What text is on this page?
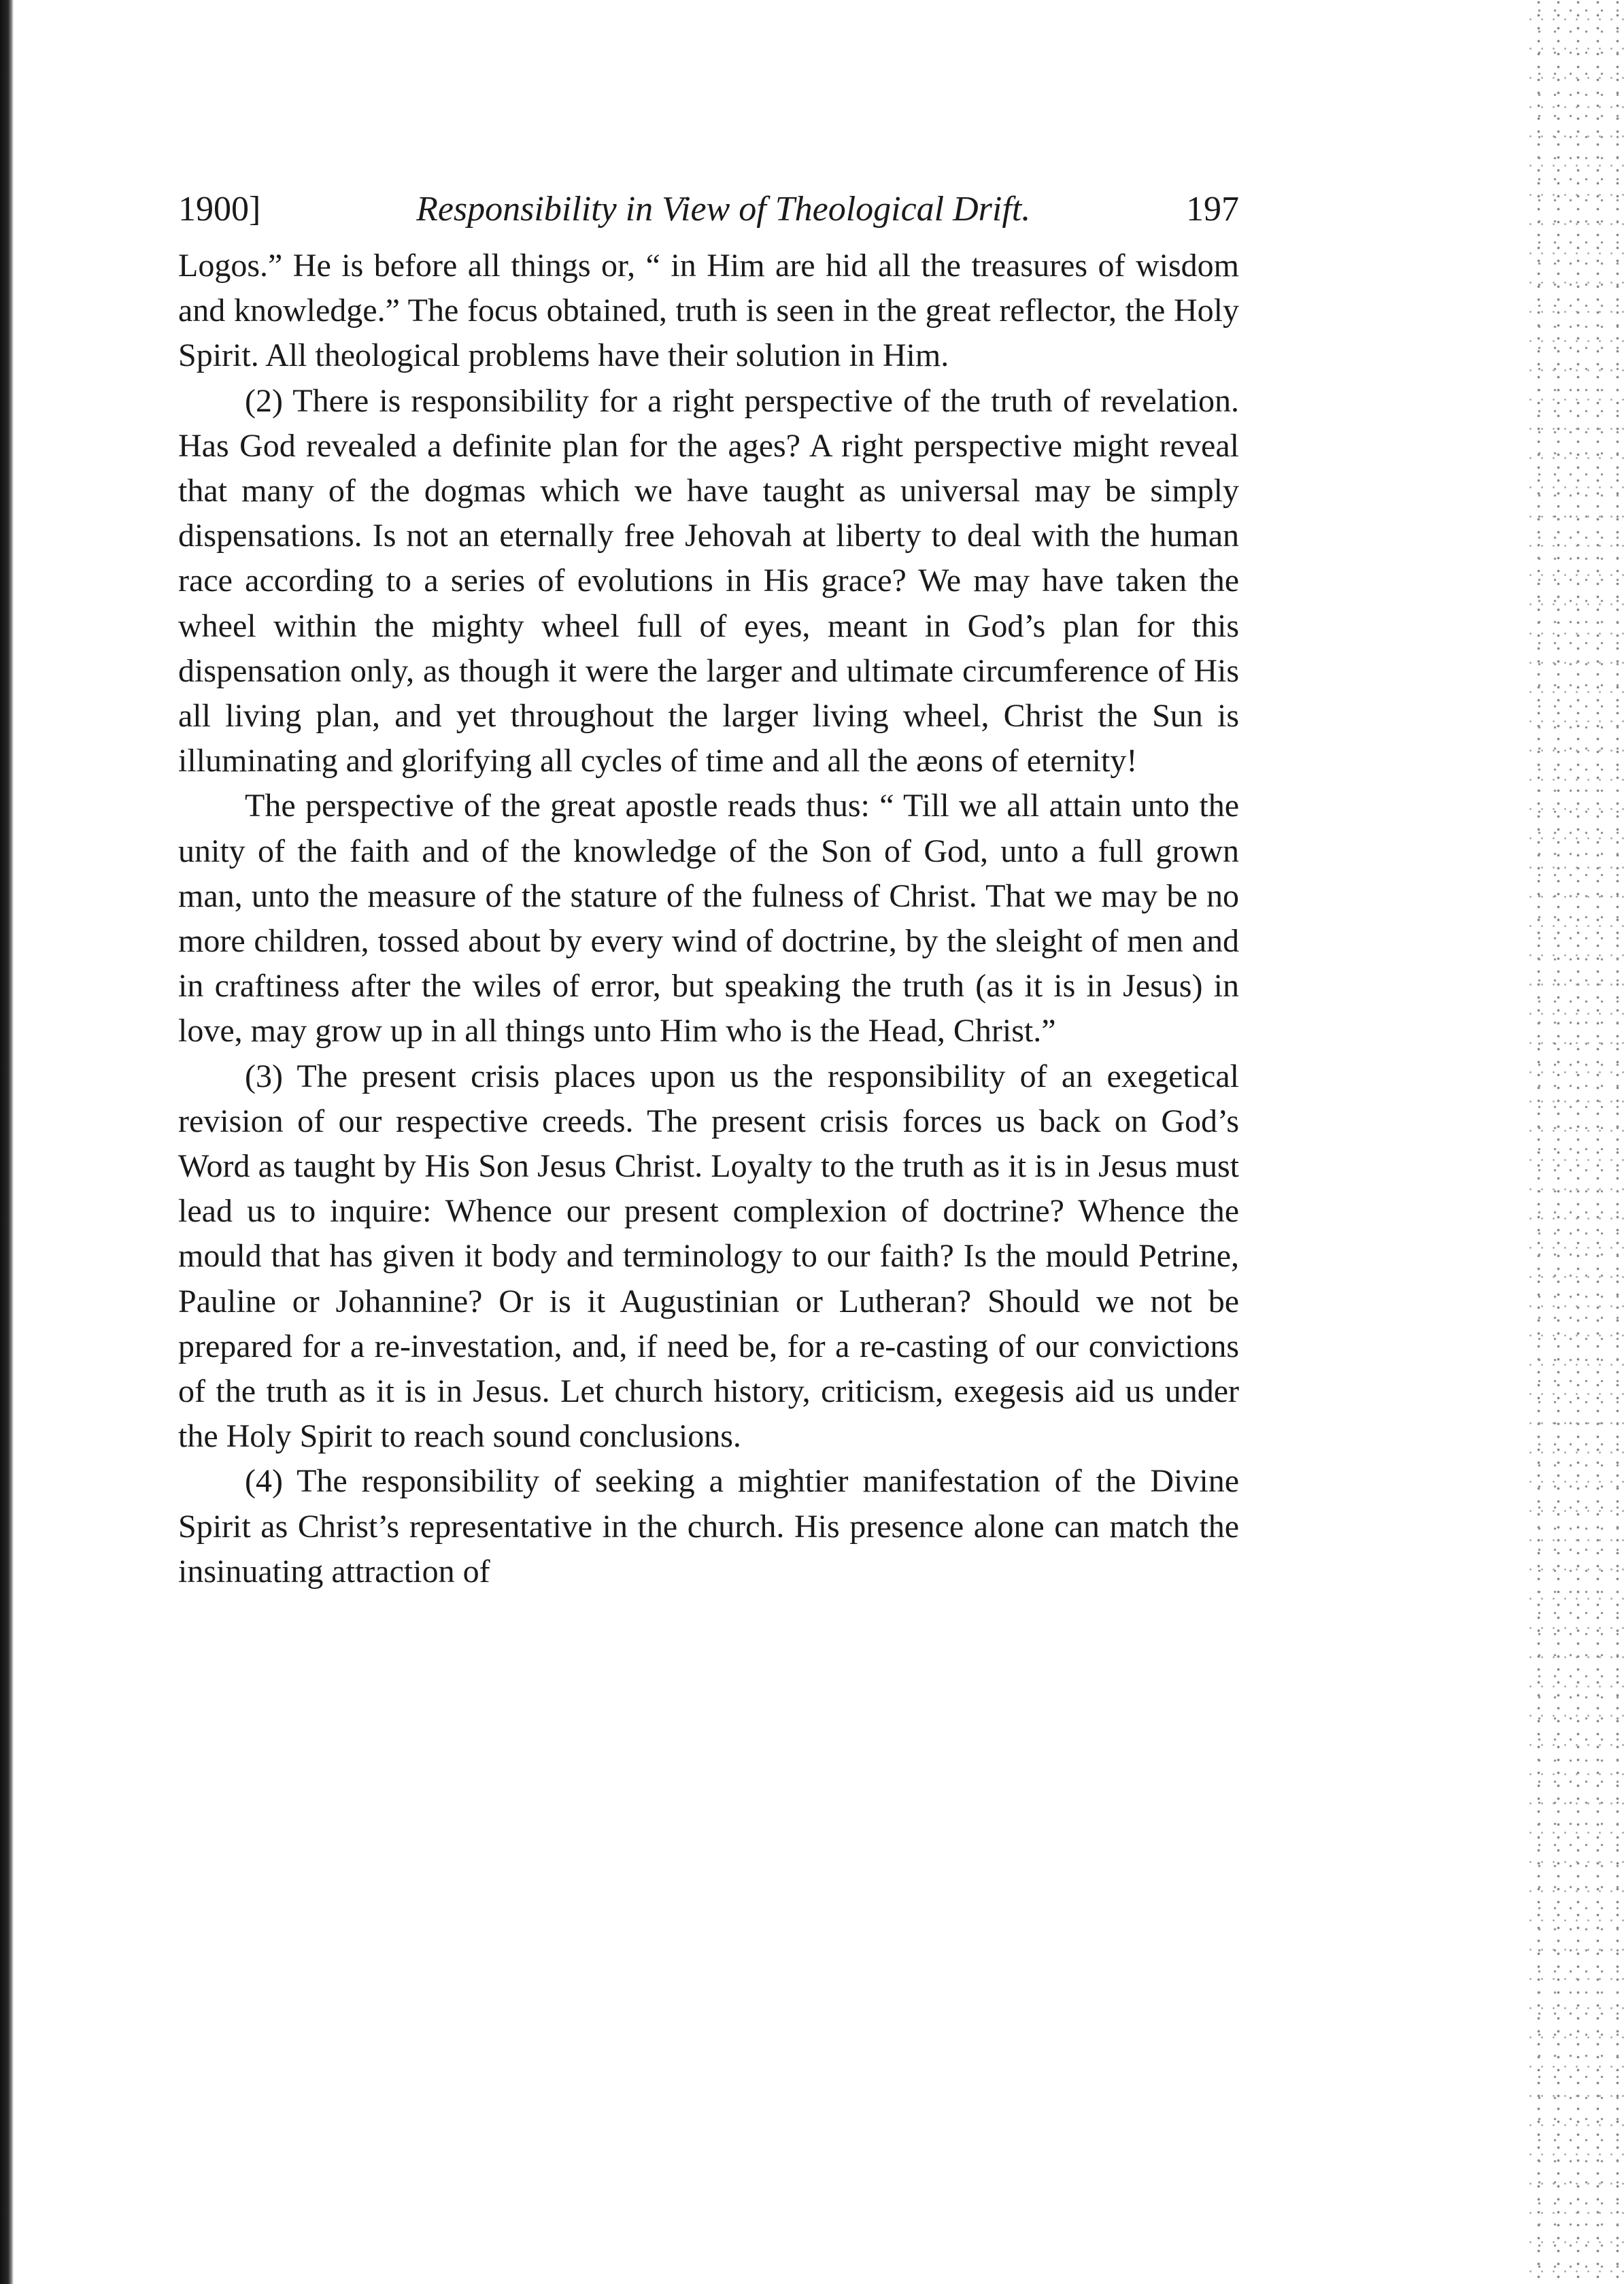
1900]	Responsibility in View of Theological Drift.	197

Logos.” He is before all things or, “ in Him are hid all the treasures of wisdom and knowledge.” The focus obtained, truth is seen in the great reflector, the Holy Spirit. All theological problems have their solution in Him.

(2) There is responsibility for a right perspective of the truth of revelation. Has God revealed a definite plan for the ages? A right perspective might reveal that many of the dogmas which we have taught as universal may be simply dispensations. Is not an eternally free Jehovah at liberty to deal with the human race according to a series of evolutions in His grace? We may have taken the wheel within the mighty wheel full of eyes, meant in God’s plan for this dispensation only, as though it were the larger and ultimate circumference of His all living plan, and yet throughout the larger living wheel, Christ the Sun is illuminating and glorifying all cycles of time and all the æons of eternity!

The perspective of the great apostle reads thus: “ Till we all attain unto the unity of the faith and of the knowledge of the Son of God, unto a full grown man, unto the measure of the stature of the fulness of Christ. That we may be no more children, tossed about by every wind of doctrine, by the sleight of men and in craftiness after the wiles of error, but speaking the truth (as it is in Jesus) in love, may grow up in all things unto Him who is the Head, Christ.”

(3) The present crisis places upon us the responsibility of an exegetical revision of our respective creeds. The present crisis forces us back on God’s Word as taught by His Son Jesus Christ. Loyalty to the truth as it is in Jesus must lead us to inquire: Whence our present complexion of doctrine? Whence the mould that has given it body and terminology to our faith? Is the mould Petrine, Pauline or Johannine? Or is it Augustinian or Lutheran? Should we not be prepared for a re-investation, and, if need be, for a re-casting of our convictions of the truth as it is in Jesus. Let church history, criticism, exegesis aid us under the Holy Spirit to reach sound conclusions.

(4) The responsibility of seeking a mightier manifestation of the Divine Spirit as Christ’s representative in the church. His presence alone can match the insinuating attraction of
